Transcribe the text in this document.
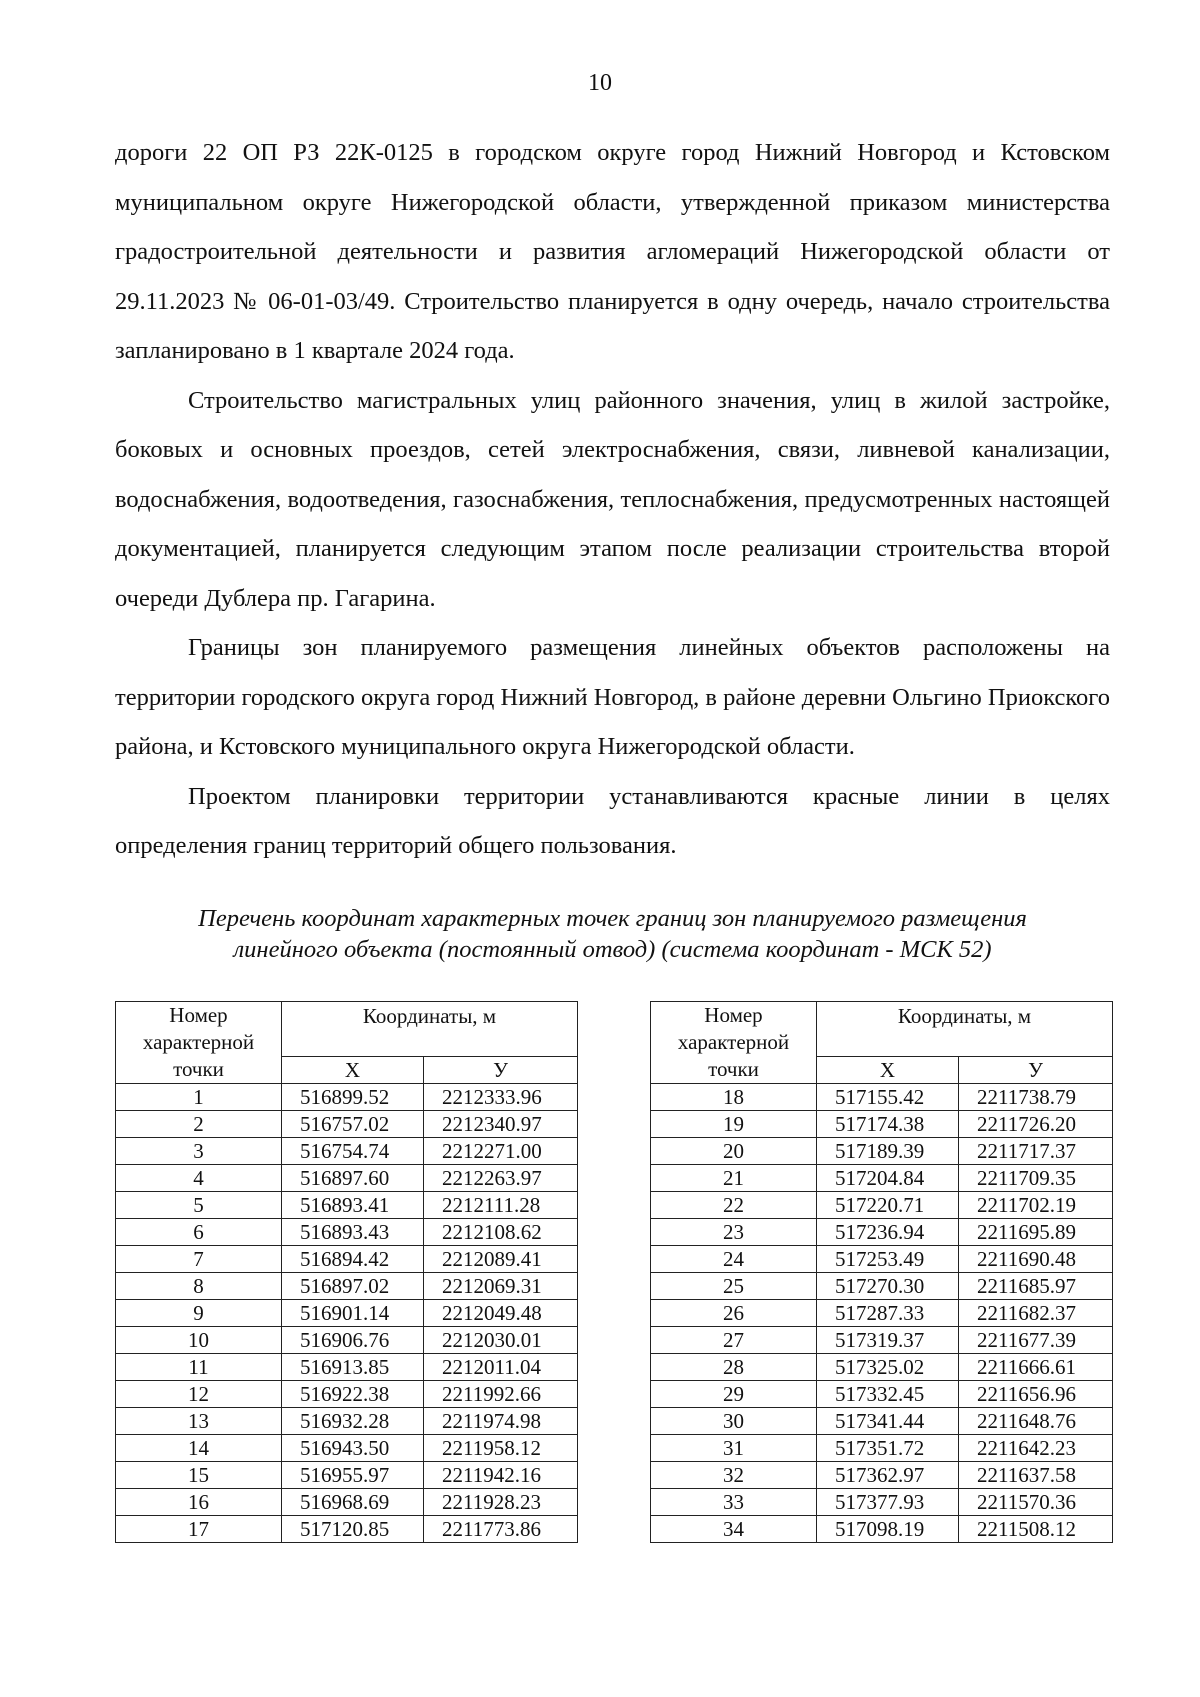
10

дороги 22 ОП РЗ 22К-0125 в городском округе город Нижний Новгород и Кстовском муниципальном округе Нижегородской области, утвержденной приказом министерства градостроительной деятельности и развития агломераций Нижегородской области от 29.11.2023 № 06-01-03/49. Строительство планируется в одну очередь, начало строительства запланировано в 1 квартале 2024 года.

Строительство магистральных улиц районного значения, улиц в жилой застройке, боковых и основных проездов, сетей электроснабжения, связи, ливневой канализации, водоснабжения, водоотведения, газоснабжения, теплоснабжения, предусмотренных настоящей документацией, планируется следующим этапом после реализации строительства второй очереди Дублера пр. Гагарина.

Границы зон планируемого размещения линейных объектов расположены на территории городского округа город Нижний Новгород, в районе деревни Ольгино Приокского района, и Кстовского муниципального округа Нижегородской области.

Проектом планировки территории устанавливаются красные линии в целях определения границ территорий общего пользования.

Перечень координат характерных точек границ зон планируемого размещения
линейного объекта (постоянный отвод) (система координат - МСК 52)
Номер характерной точки	Координаты, м	
	Х	У
1	516899.52	2212333.96
2	516757.02	2212340.97
3	516754.74	2212271.00
4	516897.60	2212263.97
5	516893.41	2212111.28
6	516893.43	2212108.62
7	516894.42	2212089.41
8	516897.02	2212069.31
9	516901.14	2212049.48
10	516906.76	2212030.01
11	516913.85	2212011.04
12	516922.38	2211992.66
13	516932.28	2211974.98
14	516943.50	2211958.12
15	516955.97	2211942.16
16	516968.69	2211928.23
17	517120.85	2211773.86
Номер характерной точки	Координаты, м	
	Х	У
18	517155.42	2211738.79
19	517174.38	2211726.20
20	517189.39	2211717.37
21	517204.84	2211709.35
22	517220.71	2211702.19
23	517236.94	2211695.89
24	517253.49	2211690.48
25	517270.30	2211685.97
26	517287.33	2211682.37
27	517319.37	2211677.39
28	517325.02	2211666.61
29	517332.45	2211656.96
30	517341.44	2211648.76
31	517351.72	2211642.23
32	517362.97	2211637.58
33	517377.93	2211570.36
34	517098.19	2211508.12
